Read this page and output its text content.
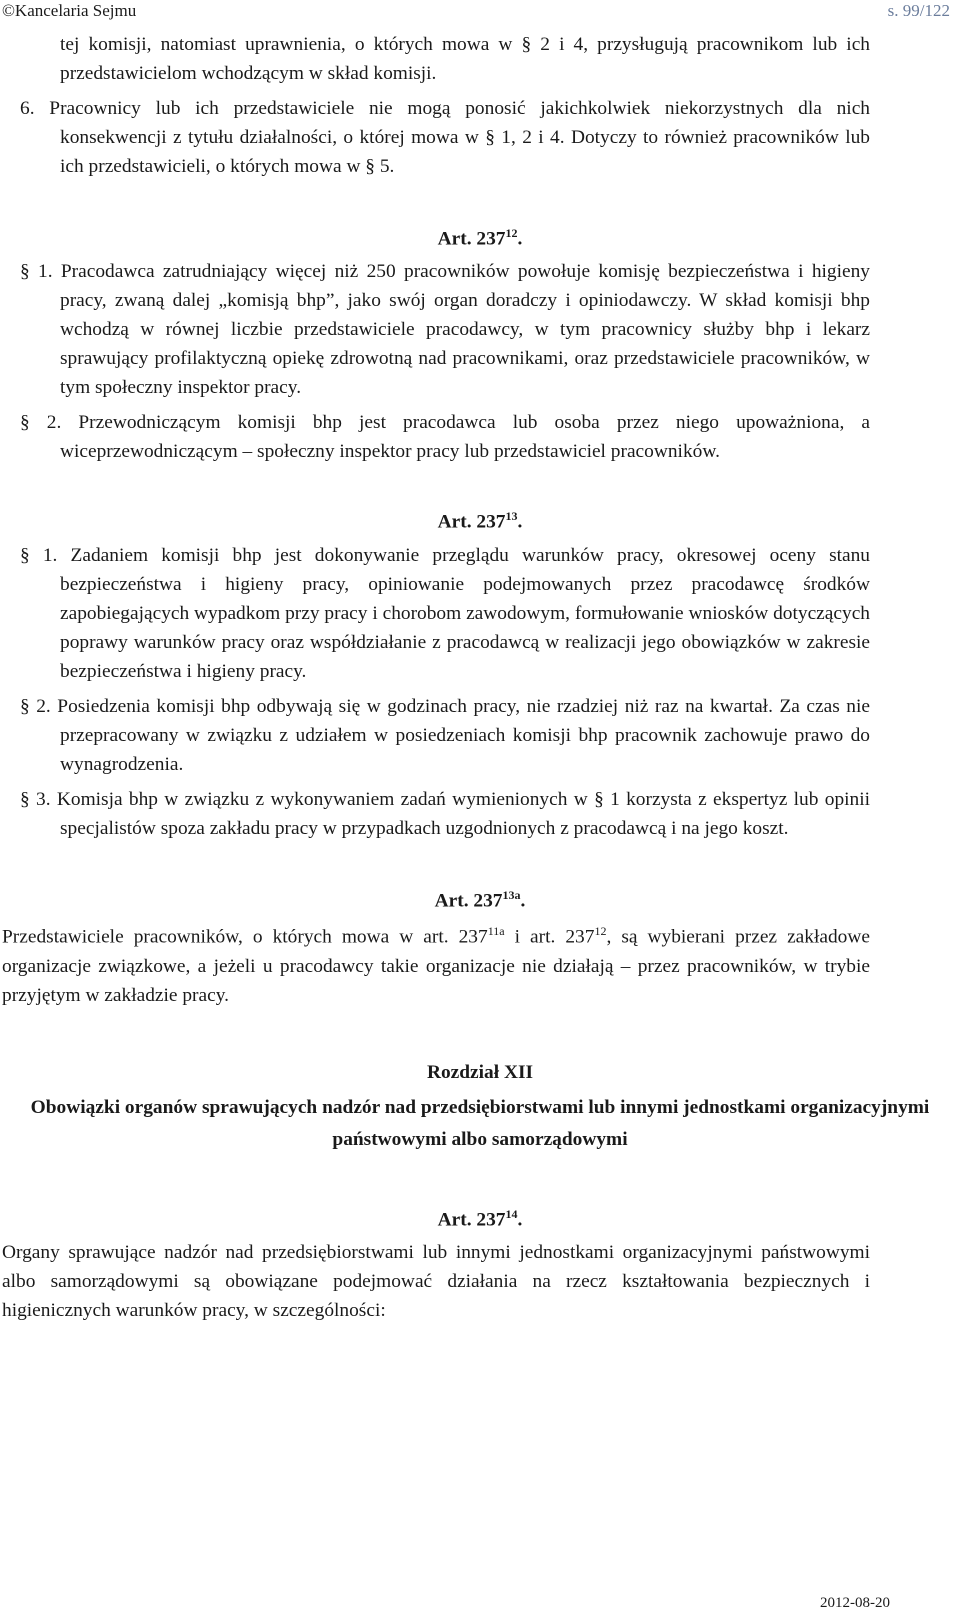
©Kancelaria Sejmu	s. 99/122

tej komisji, natomiast uprawnienia, o których mowa w § 2 i 4, przysługują pracownikom lub ich przedstawicielom wchodzącym w skład komisji.

6. Pracownicy lub ich przedstawiciele nie mogą ponosić jakichkolwiek niekorzystnych dla nich konsekwencji z tytułu działalności, o której mowa w § 1, 2 i 4. Dotyczy to również pracowników lub ich przedstawicieli, o których mowa w § 5.

Art. $237^{12}$.

§ 1. Pracodawca zatrudniający więcej niż 250 pracowników powołuje komisję bezpieczeństwa i higieny pracy, zwaną dalej „komisją bhp”, jako swój organ doradczy i opiniodawczy. W skład komisji bhp wchodzą w równej liczbie przedstawiciele pracodawcy, w tym pracownicy służby bhp i lekarz sprawujący profilaktyczną opiekę zdrowotną nad pracownikami, oraz przedstawiciele pracowników, w tym społeczny inspektor pracy.

§ 2. Przewodniczącym komisji bhp jest pracodawca lub osoba przez niego upoważniona, a wiceprzewodniczącym – społeczny inspektor pracy lub przedstawiciel pracowników.

Art. $237^{13}$.

§ 1. Zadaniem komisji bhp jest dokonywanie przeglądu warunków pracy, okresowej oceny stanu bezpieczeństwa i higieny pracy, opiniowanie podejmowanych przez pracodawcę środków zapobiegających wypadkom przy pracy i chorobom zawodowym, formułowanie wniosków dotyczących poprawy warunków pracy oraz współdziałanie z pracodawcą w realizacji jego obowiązków w zakresie bezpieczeństwa i higieny pracy.

§ 2. Posiedzenia komisji bhp odbywają się w godzinach pracy, nie rzadziej niż raz na kwartał. Za czas nie przepracowany w związku z udziałem w posiedzeniach komisji bhp pracownik zachowuje prawo do wynagrodzenia.

§ 3. Komisja bhp w związku z wykonywaniem zadań wymienionych w § 1 korzysta z ekspertyz lub opinii specjalistów spoza zakładu pracy w przypadkach uzgodnionych z pracodawcą i na jego koszt.

Art. $237^{13a}$.

Przedstawiciele pracowników, o których mowa w art. $237^{11a}$ i art. $237^{12}$, są wybierani przez zakładowe organizacje związkowe, a jeżeli u pracodawcy takie organizacje nie działają – przez pracowników, w trybie przyjętym w zakładzie pracy.

Rozdział XII

Obowiązki organów sprawujących nadzór nad przedsiębiorstwami lub innymi jednostkami organizacyjnymi państwowymi albo samorządowymi

Art. $237^{14}$.

Organy sprawujące nadzór nad przedsiębiorstwami lub innymi jednostkami organizacyjnymi państwowymi albo samorządowymi są obowiązane podejmować działania na rzecz kształtowania bezpiecznych i higienicznych warunków pracy, w szczególności:

2012-08-20
